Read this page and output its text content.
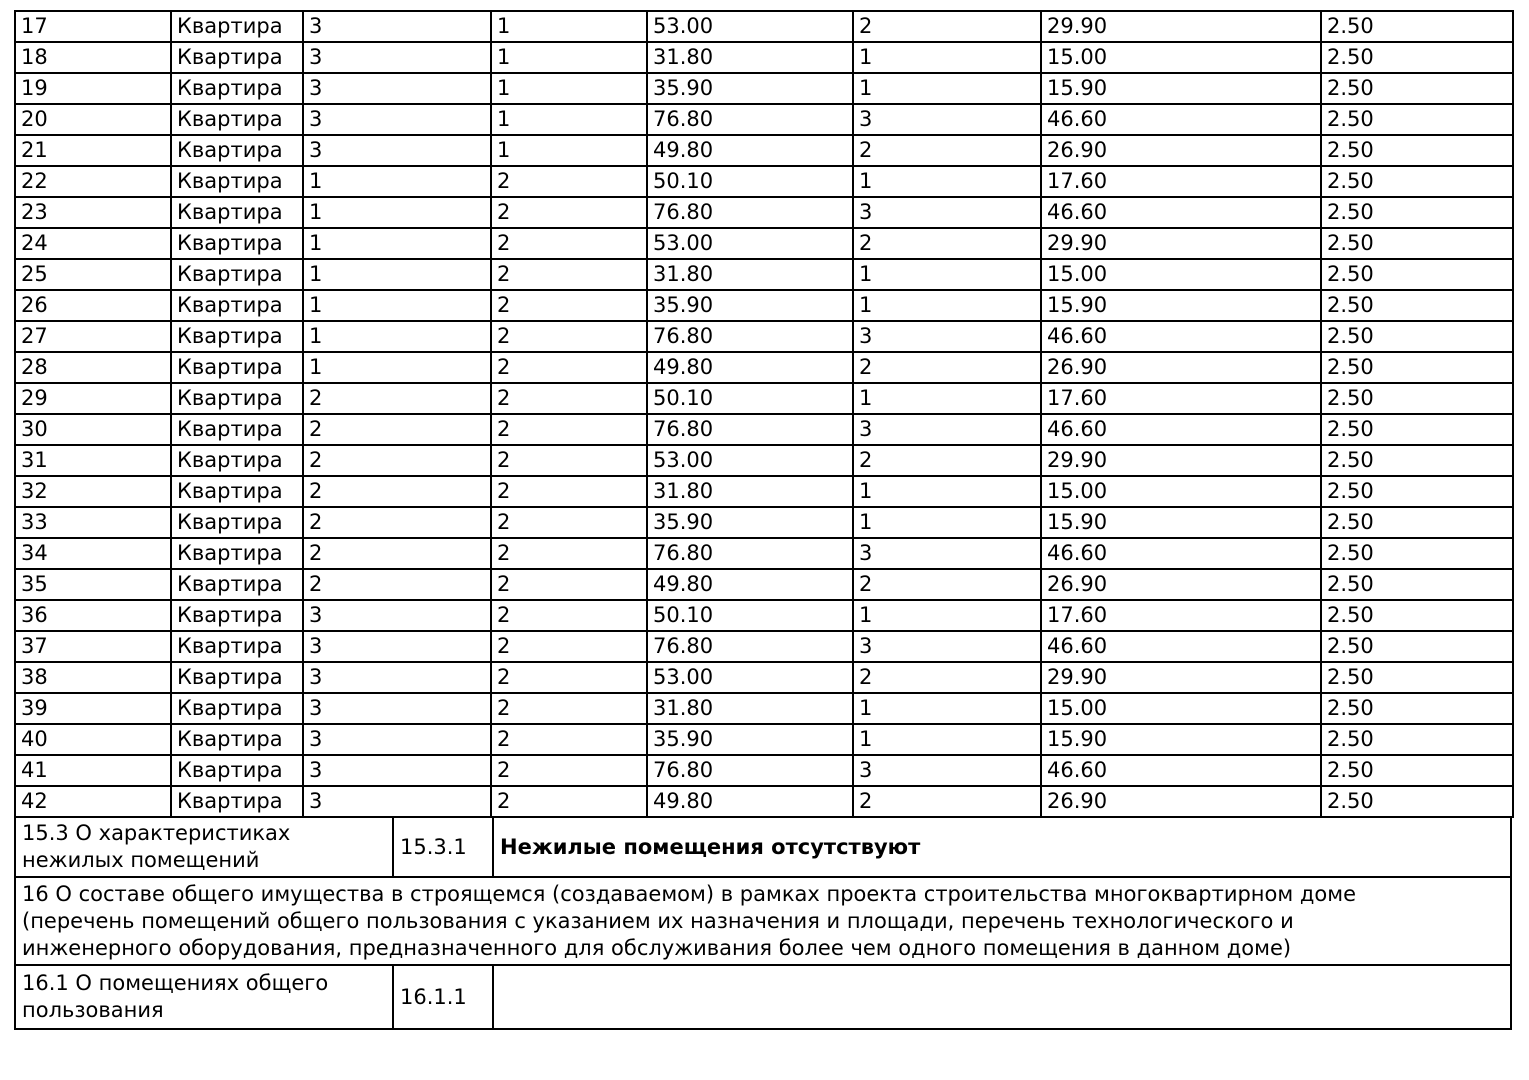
17	Квартира	3	1	53.00	2	29.90	2.50
18	Квартира	3	1	31.80	1	15.00	2.50
19	Квартира	3	1	35.90	1	15.90	2.50
20	Квартира	3	1	76.80	3	46.60	2.50
21	Квартира	3	1	49.80	2	26.90	2.50
22	Квартира	1	2	50.10	1	17.60	2.50
23	Квартира	1	2	76.80	3	46.60	2.50
24	Квартира	1	2	53.00	2	29.90	2.50
25	Квартира	1	2	31.80	1	15.00	2.50
26	Квартира	1	2	35.90	1	15.90	2.50
27	Квартира	1	2	76.80	3	46.60	2.50
28	Квартира	1	2	49.80	2	26.90	2.50
29	Квартира	2	2	50.10	1	17.60	2.50
30	Квартира	2	2	76.80	3	46.60	2.50
31	Квартира	2	2	53.00	2	29.90	2.50
32	Квартира	2	2	31.80	1	15.00	2.50
33	Квартира	2	2	35.90	1	15.90	2.50
34	Квартира	2	2	76.80	3	46.60	2.50
35	Квартира	2	2	49.80	2	26.90	2.50
36	Квартира	3	2	50.10	1	17.60	2.50
37	Квартира	3	2	76.80	3	46.60	2.50
38	Квартира	3	2	53.00	2	29.90	2.50
39	Квартира	3	2	31.80	1	15.00	2.50
40	Квартира	3	2	35.90	1	15.90	2.50
41	Квартира	3	2	76.80	3	46.60	2.50
42	Квартира	3	2	49.80	2	26.90	2.50
15.3 О характеристиках нежилых помещений	15.3.1	Нежилые помещения отсутствуют
16 О составе общего имущества в строящемся (создаваемом) в рамках проекта строительства многоквартирном доме (перечень помещений общего пользования с указанием их назначения и площади, перечень технологического и инженерного оборудования, предназначенного для обслуживания более чем одного помещения в данном доме)
16.1 О помещениях общего пользования	16.1.1	
